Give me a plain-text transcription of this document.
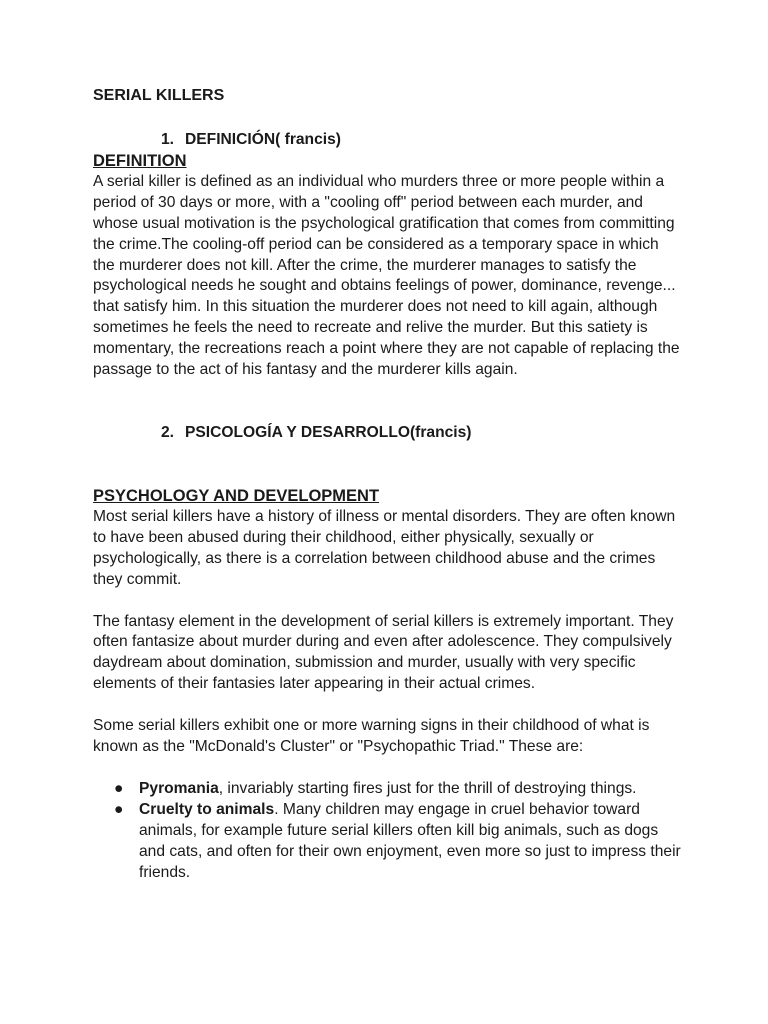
SERIAL KILLERS
1. DEFINICIÓN( francis)
DEFINITION

A serial killer is defined as an individual who murders three or more people within a period of 30 days or more, with a "cooling off" period between each murder, and whose usual motivation is the psychological gratification that comes from committing the crime.The cooling-off period can be considered as a temporary space in which the murderer does not kill. After the crime, the murderer manages to satisfy the psychological needs he sought and obtains feelings of power, dominance, revenge... that satisfy him. In this situation the murderer does not need to kill again, although sometimes he feels the need to recreate and relive the murder. But this satiety is momentary, the recreations reach a point where they are not capable of replacing the passage to the act of his fantasy and the murderer kills again.

2. PSICOLOGÍA Y DESARROLLO(francis)
PSYCHOLOGY AND DEVELOPMENT

Most serial killers have a history of illness or mental disorders. They are often known to have been abused during their childhood, either physically, sexually or psychologically, as there is a correlation between childhood abuse and the crimes they commit.

The fantasy element in the development of serial killers is extremely important. They often fantasize about murder during and even after adolescence. They compulsively daydream about domination, submission and murder, usually with very specific elements of their fantasies later appearing in their actual crimes.

Some serial killers exhibit one or more warning signs in their childhood of what is known as the "McDonald's Cluster" or "Psychopathic Triad." These are:

● Pyromania, invariably starting fires just for the thrill of destroying things.
● Cruelty to animals. Many children may engage in cruel behavior toward animals, for example future serial killers often kill big animals, such as dogs and cats, and often for their own enjoyment, even more so just to impress their friends.
